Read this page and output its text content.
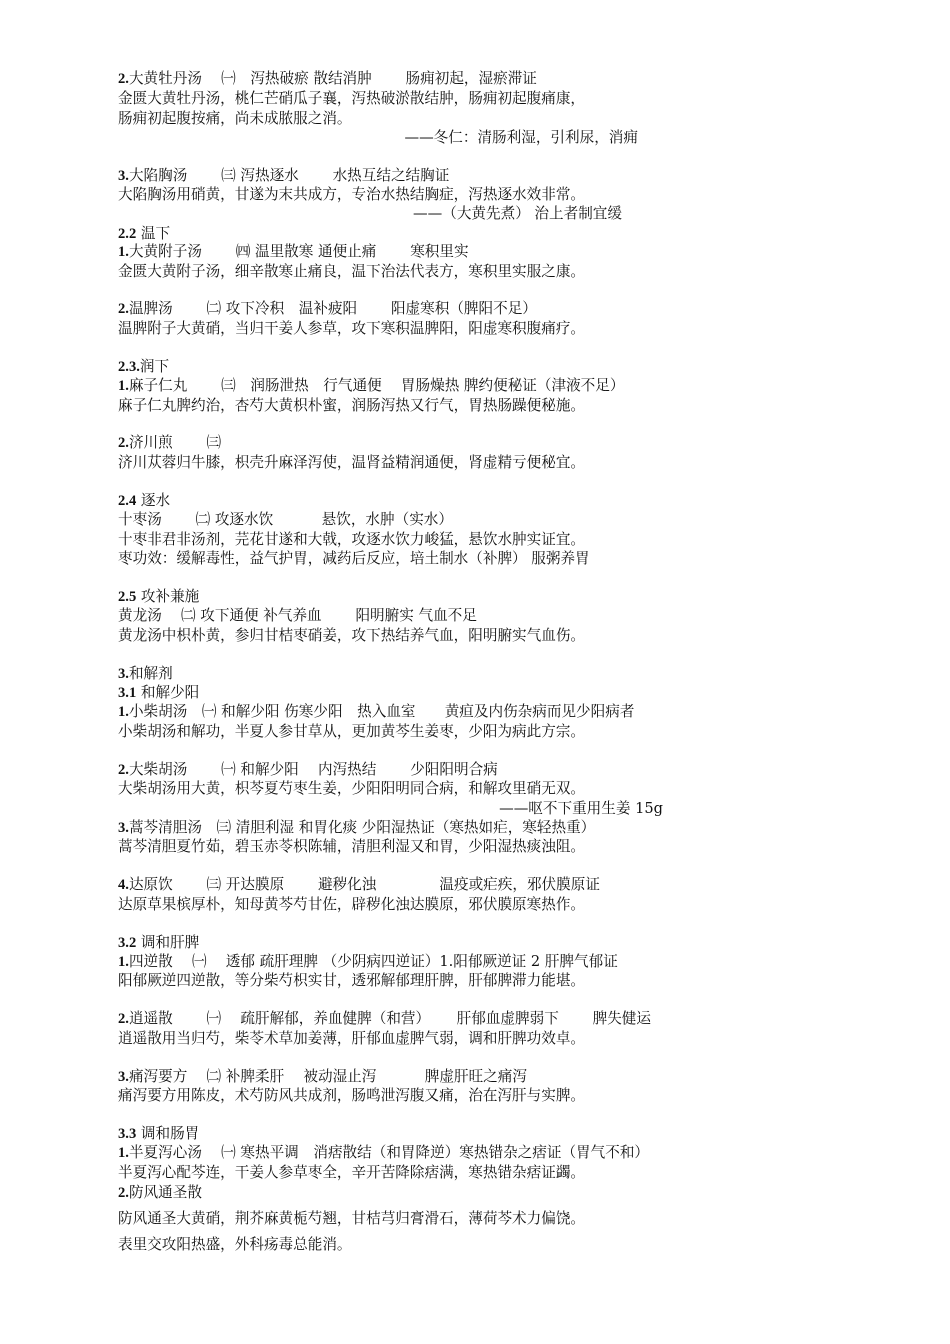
2.大黄牡丹汤　 ㈠　泻热破瘀 散结消肿　　 肠痈初起，湿瘀滞证
金匮大黄牡丹汤，桃仁芒硝瓜子襄，泻热破淤散结肿，肠痈初起腹痛康，
肠痈初起腹按痛，尚未成脓服之消。
——冬仁：清肠利湿，引利尿，消痈
3.大陷胸汤　　 ㈢ 泻热逐水　　 水热互结之结胸证
大陷胸汤用硝黄，甘遂为末共成方，专治水热结胸症，泻热逐水效非常。
——（大黄先煮） 治上者制宜缓
2.2 温下
1.大黄附子汤　　 ㈣ 温里散寒 通便止痛　　 寒积里实
金匮大黄附子汤，细辛散寒止痛良，温下治法代表方，寒积里实服之康。
2.温脾汤　　 ㈡ 攻下冷积　温补疲阳　　 阳虚寒积（脾阳不足）
温脾附子大黄硝，当归干姜人参草，攻下寒积温脾阳，阳虚寒积腹痛疗。
2.3.润下
1.麻子仁丸　　 ㈢　润肠泄热　行气通便　 胃肠燥热 脾约便秘证（津液不足）
麻子仁丸脾约治，杏芍大黄枳朴蜜，润肠泻热又行气，胃热肠躁便秘施。
2.济川煎　　 ㈢
济川苁蓉归牛膝，枳壳升麻泽泻使，温肾益精润通便，肾虚精亏便秘宜。
2.4 逐水
十枣汤　　 ㈡ 攻逐水饮　　　 悬饮，水肿（实水）
十枣非君非汤剂，芫花甘遂和大戟，攻逐水饮力峻猛，悬饮水肿实证宜。
枣功效：缓解毒性，益气护胃，减药后反应，培土制水（补脾） 服粥养胃
2.5 攻补兼施
黄龙汤　 ㈡ 攻下通便 补气养血　　 阳明腑实 气血不足
黄龙汤中枳朴黄，参归甘桔枣硝姜，攻下热结养气血，阳明腑实气血伤。
3.和解剂
3.1 和解少阳
1.小柴胡汤　㈠ 和解少阳 伤寒少阳　热入血室　　黄疸及内伤杂病而见少阳病者
小柴胡汤和解功，半夏人参甘草从，更加黄芩生姜枣，少阳为病此方宗。
2.大柴胡汤　　 ㈠ 和解少阳　 内泻热结　　 少阳阳明合病
大柴胡汤用大黄，枳芩夏芍枣生姜，少阳阳明同合病，和解攻里硝无双。
——呕不下重用生姜 15g
3.蒿芩清胆汤　㈢ 清胆利湿 和胃化痰 少阳湿热证（寒热如疟，寒轻热重）
蒿芩清胆夏竹茹，碧玉赤苓枳陈辅，清胆利湿又和胃，少阳湿热痰浊阻。
4.达原饮　　 ㈢ 开达膜原　　 避秽化浊　　　　 温疫或疟疾，邪伏膜原证
达原草果槟厚朴，知母黄芩芍甘佐，辟秽化浊达膜原，邪伏膜原寒热作。
3.2 调和肝脾
1.四逆散　 ㈠　 透郁 疏肝理脾 （少阴病四逆证）1.阳郁厥逆证 2 肝脾气郁证
阳郁厥逆四逆散，等分柴芍枳实甘，透邪解郁理肝脾，肝郁脾滞力能堪。
2.逍遥散　　 ㈠　 疏肝解郁，养血健脾（和营）　　 肝郁血虚脾弱下　　 脾失健运
逍遥散用当归芍，柴苓术草加姜薄，肝郁血虚脾气弱，调和肝脾功效卓。
3.痛泻要方　 ㈡ 补脾柔肝　 被动湿止泻　　　 脾虚肝旺之痛泻
痛泻要方用陈皮，术芍防风共成剂，肠鸣泄泻腹又痛，治在泻肝与实脾。
3.3 调和肠胃
1.半夏泻心汤　 ㈠ 寒热平调　消痞散结（和胃降逆）寒热错杂之痞证（胃气不和）
半夏泻心配芩连，干姜人参草枣全，辛开苦降除痞满，寒热错杂痞证蠲。
2.防风通圣散
防风通圣大黄硝，荆芥麻黄栀芍翘，甘桔芎归膏滑石，薄荷芩术力偏饶。
表里交攻阳热盛，外科疡毒总能消。
